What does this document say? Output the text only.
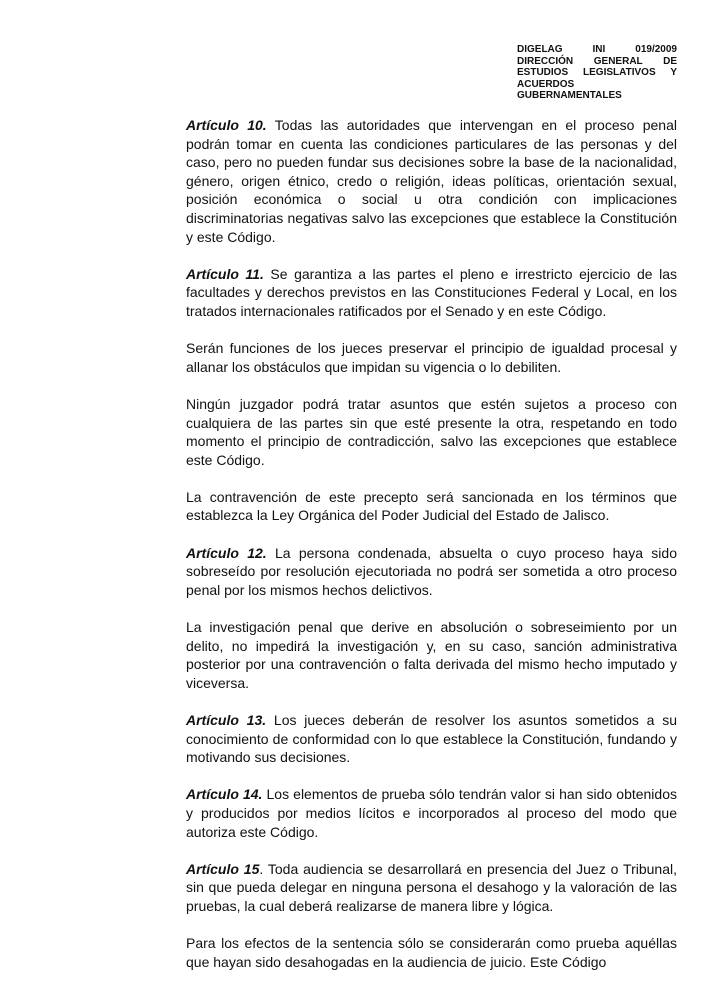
DIGELAG INI 019/2009
DIRECCIÓN GENERAL DE
ESTUDIOS LEGISLATIVOS Y
ACUERDOS GUBERNAMENTALES

Artículo 10. Todas las autoridades que intervengan en el proceso penal podrán tomar en cuenta las condiciones particulares de las personas y del caso, pero no pueden fundar sus decisiones sobre la base de la nacionalidad, género, origen étnico, credo o religión, ideas políticas, orientación sexual, posición económica o social u otra condición con implicaciones discriminatorias negativas salvo las excepciones que establece la Constitución y este Código.

Artículo 11. Se garantiza a las partes el pleno e irrestricto ejercicio de las facultades y derechos previstos en las Constituciones Federal y Local, en los tratados internacionales ratificados por el Senado y en este Código.

Serán funciones de los jueces preservar el principio de igualdad procesal y allanar los obstáculos que impidan su vigencia o lo debiliten.

Ningún juzgador podrá tratar asuntos que estén sujetos a proceso con cualquiera de las partes sin que esté presente la otra, respetando en todo momento el principio de contradicción, salvo las excepciones que establece este Código.

La contravención de este precepto será sancionada en los términos que establezca la Ley Orgánica del Poder Judicial del Estado de Jalisco.

Artículo 12. La persona condenada, absuelta o cuyo proceso haya sido sobreseído por resolución ejecutoriada no podrá ser sometida a otro proceso penal por los mismos hechos delictivos.

La investigación penal que derive en absolución o sobreseimiento por un delito, no impedirá la investigación y, en su caso, sanción administrativa posterior por una contravención o falta derivada del mismo hecho imputado y viceversa.

Artículo 13. Los jueces deberán de resolver los asuntos sometidos a su conocimiento de conformidad con lo que establece la Constitución, fundando y motivando sus decisiones.

Artículo 14. Los elementos de prueba sólo tendrán valor si han sido obtenidos y producidos por medios lícitos e incorporados al proceso del modo que autoriza este Código.

Artículo 15. Toda audiencia se desarrollará en presencia del Juez o Tribunal, sin que pueda delegar en ninguna persona el desahogo y la valoración de las pruebas, la cual deberá realizarse de manera libre y lógica.

Para los efectos de la sentencia sólo se considerarán como prueba aquéllas que hayan sido desahogadas en la audiencia de juicio. Este Código
